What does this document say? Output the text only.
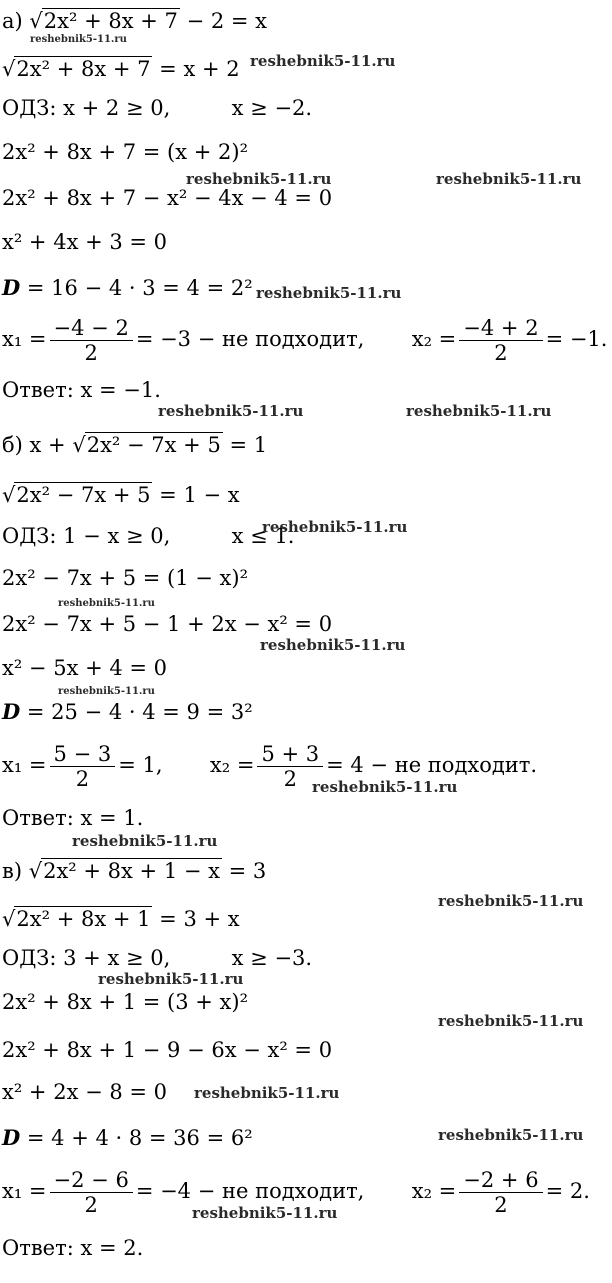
а) √2x² + 8x + 7 − 2 = x
reshebnik5-11.ru
√2x² + 8x + 7 = x + 2 reshebnik5-11.ru
ОДЗ: x + 2 ≥ 0,	x ≥ −2.
2x² + 8x + 7 = (x + 2)²
reshebnik5-11.ru	reshebnik5-11.ru
2x² + 8x + 7 − x² − 4x − 4 = 0
x² + 4x + 3 = 0
D = 16 − 4 · 3 = 4 = 2² reshebnik5-11.ru
$x_1 = \frac{-4 - 2}{2} = -3$ − не подходит, $x_2 = \frac{-4 + 2}{2} = -1$.
Ответ: x = −1.
reshebnik5-11.ru	reshebnik5-11.ru
б) x + √2x² − 7x + 5 = 1
√2x² − 7x + 5 = 1 − x
ОДЗ: 1 − x ≥ 0,	x ≤ 1.
reshebnik5-11.ru
2x² − 7x + 5 = (1 − x)²
reshebnik5-11.ru
2x² − 7x + 5 − 1 + 2x − x² = 0
reshebnik5-11.ru
x² − 5x + 4 = 0
reshebnik5-11.ru
D = 25 − 4 · 4 = 9 = 3²
$x_1 = \frac{5 - 3}{2} = 1$, $x_2 = \frac{5 + 3}{2} = 4$ − не подходит.
reshebnik5-11.ru
Ответ: x = 1.
reshebnik5-11.ru
в) √2x² + 8x + 1 − x = 3
√2x² + 8x + 1 = 3 + x
reshebnik5-11.ru
ОДЗ: 3 + x ≥ 0,	x ≥ −3.
reshebnik5-11.ru
2x² + 8x + 1 = (3 + x)²
reshebnik5-11.ru
2x² + 8x + 1 − 9 − 6x − x² = 0
x² + 2x − 8 = 0 reshebnik5-11.ru
D = 4 + 4 · 8 = 36 = 6²	reshebnik5-11.ru
$x_1 = \frac{-2 - 6}{2} = -4$ − не подходит, $x_2 = \frac{-2 + 6}{2} = 2$.
reshebnik5-11.ru
Ответ: x = 2.
